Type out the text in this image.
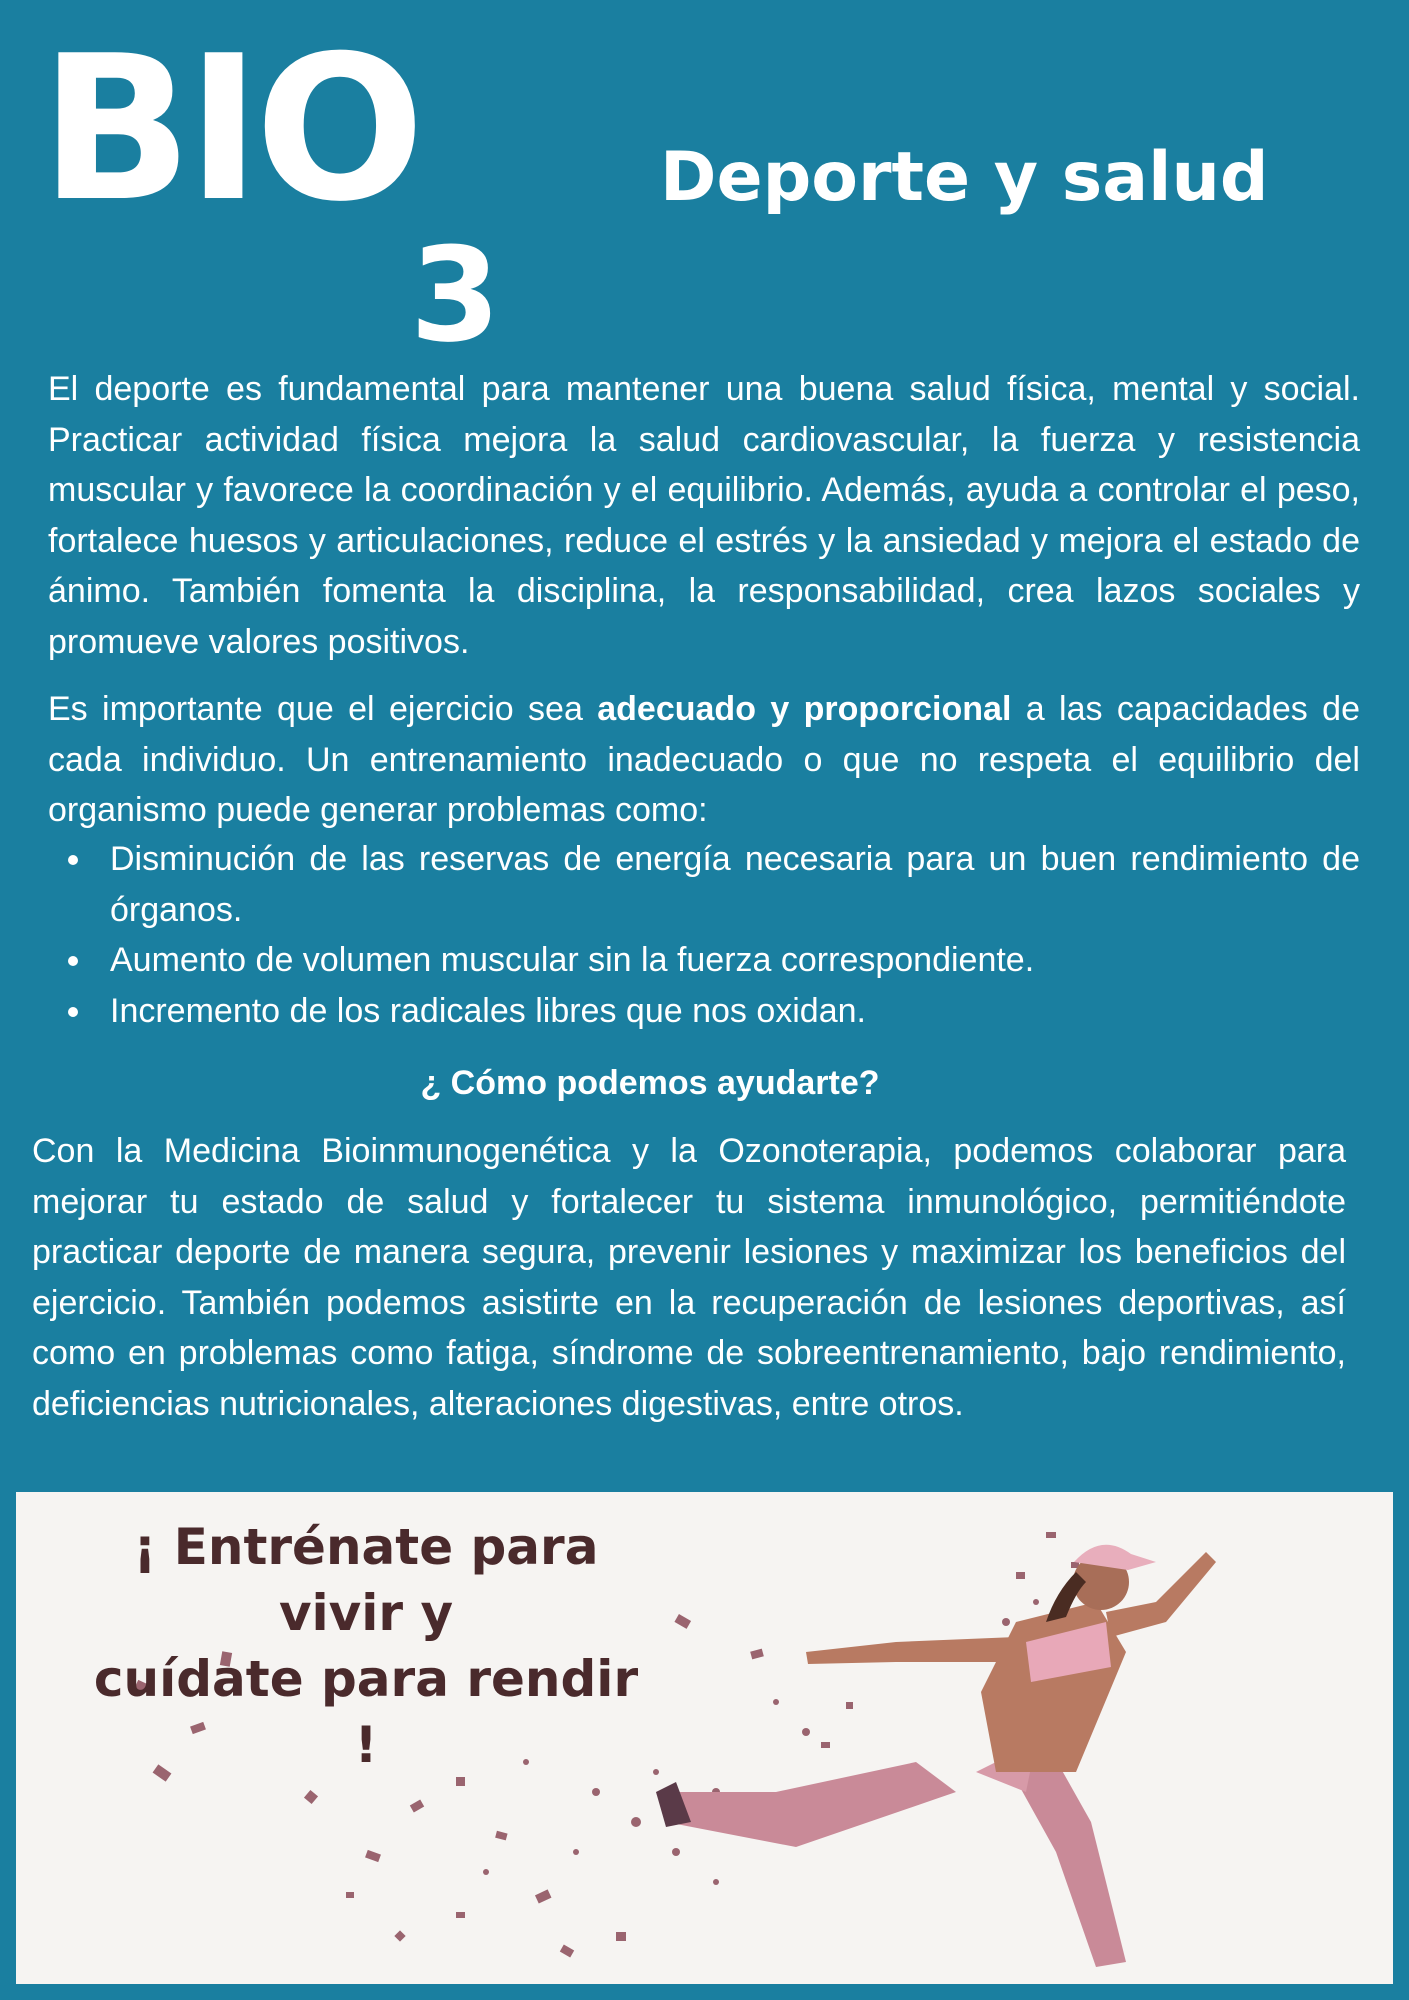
BIO
3
Deporte y salud

El deporte es fundamental para mantener una buena salud física, mental y social. Practicar actividad física mejora la salud cardiovascular, la fuerza y resistencia muscular y favorece la coordinación y el equilibrio. Además, ayuda a controlar el peso, fortalece huesos y articulaciones, reduce el estrés y la ansiedad y mejora el estado de ánimo. También fomenta la disciplina, la responsabilidad, crea lazos sociales y promueve valores positivos.

Es importante que el ejercicio sea adecuado y proporcional a las capacidades de cada individuo. Un entrenamiento inadecuado o que no respeta el equilibrio del organismo puede generar problemas como:

Disminución de las reservas de energía necesaria para un buen rendimiento de órganos.
Aumento de volumen muscular sin la fuerza correspondiente.
Incremento de los radicales libres que nos oxidan.
¿ Cómo podemos ayudarte?

Con la Medicina Bioinmunogenética y la Ozonoterapia, podemos colaborar para mejorar tu estado de salud y fortalecer tu sistema inmunológico, permitiéndote practicar deporte de manera segura, prevenir lesiones y maximizar los beneficios del ejercicio. También podemos asistirte en la recuperación de lesiones deportivas, así como en problemas como fatiga, síndrome de sobreentrenamiento, bajo rendimiento, deficiencias nutricionales, alteraciones digestivas, entre otros.

¡ Entrénate para vivir y
cuídate para rendir !
